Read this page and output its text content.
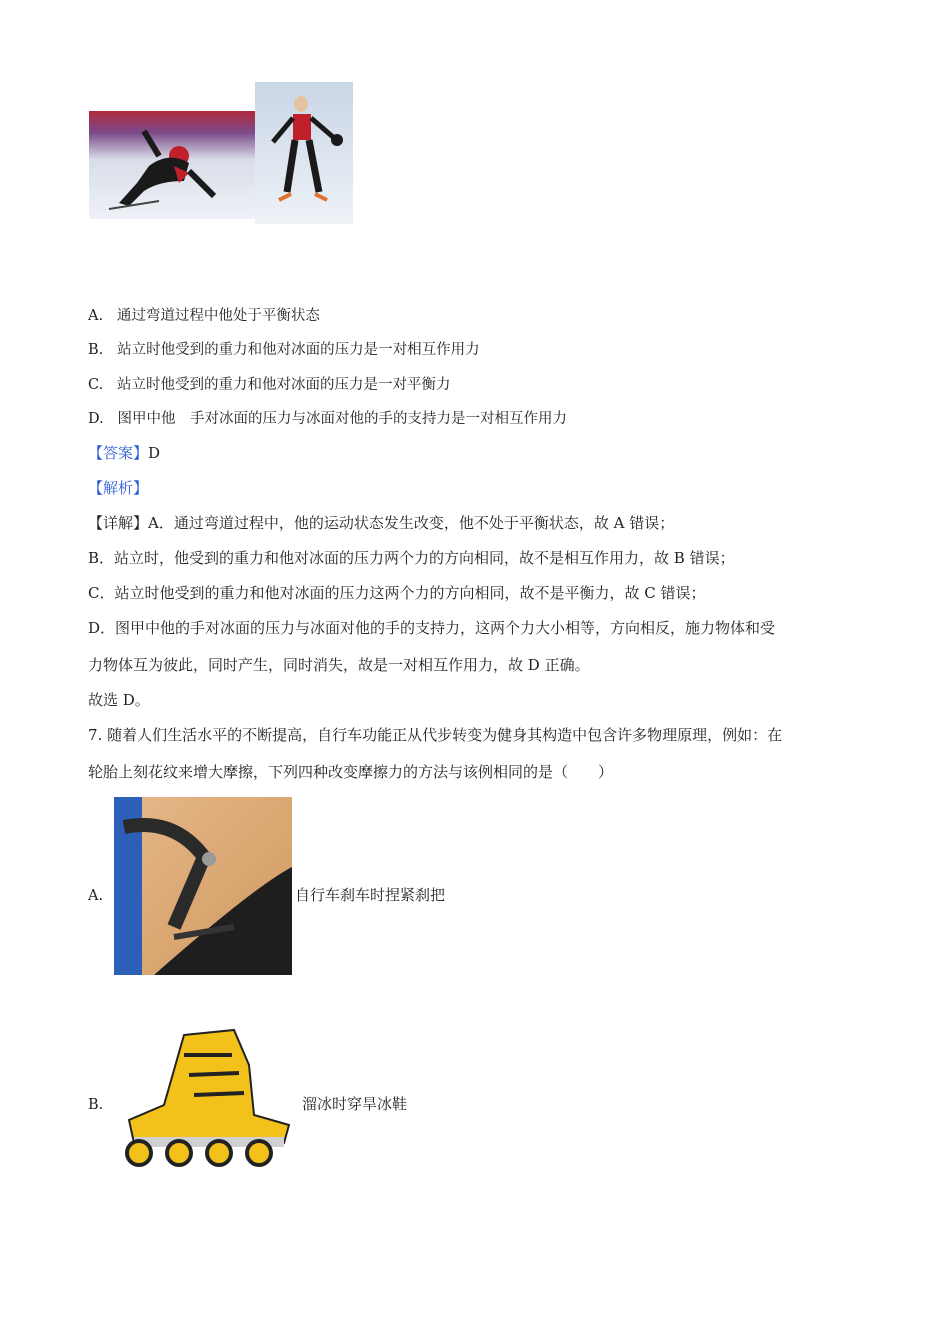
A. 通过弯道过程中他处于平衡状态
B. 站立时他受到的重力和他对冰面的压力是一对相互作用力
C. 站立时他受到的重力和他对冰面的压力是一对平衡力
D. 图甲中他　手对冰面的压力与冰面对他的手的支持力是一对相互作用力
【答案】D
【解析】
【详解】A．通过弯道过程中，他的运动状态发生改变，他不处于平衡状态，故 A 错误；
B．站立时，他受到的重力和他对冰面的压力两个力的方向相同，故不是相互作用力，故 B 错误；
C．站立时他受到的重力和他对冰面的压力这两个力的方向相同，故不是平衡力，故 C 错误；
D．图甲中他的手对冰面的压力与冰面对他的手的支持力，这两个力大小相等，方向相反，施力物体和受
力物体互为彼此，同时产生，同时消失，故是一对相互作用力，故 D 正确。
故选 D。
7. 随着人们生活水平的不断提高，自行车功能正从代步转变为健身其构造中包含许多物理原理，例如：在
轮胎上刻花纹来增大摩擦，下列四种改变摩擦力的方法与该例相同的是（　　）
A.	自行车刹车时捏紧刹把
B.	溜冰时穿旱冰鞋
